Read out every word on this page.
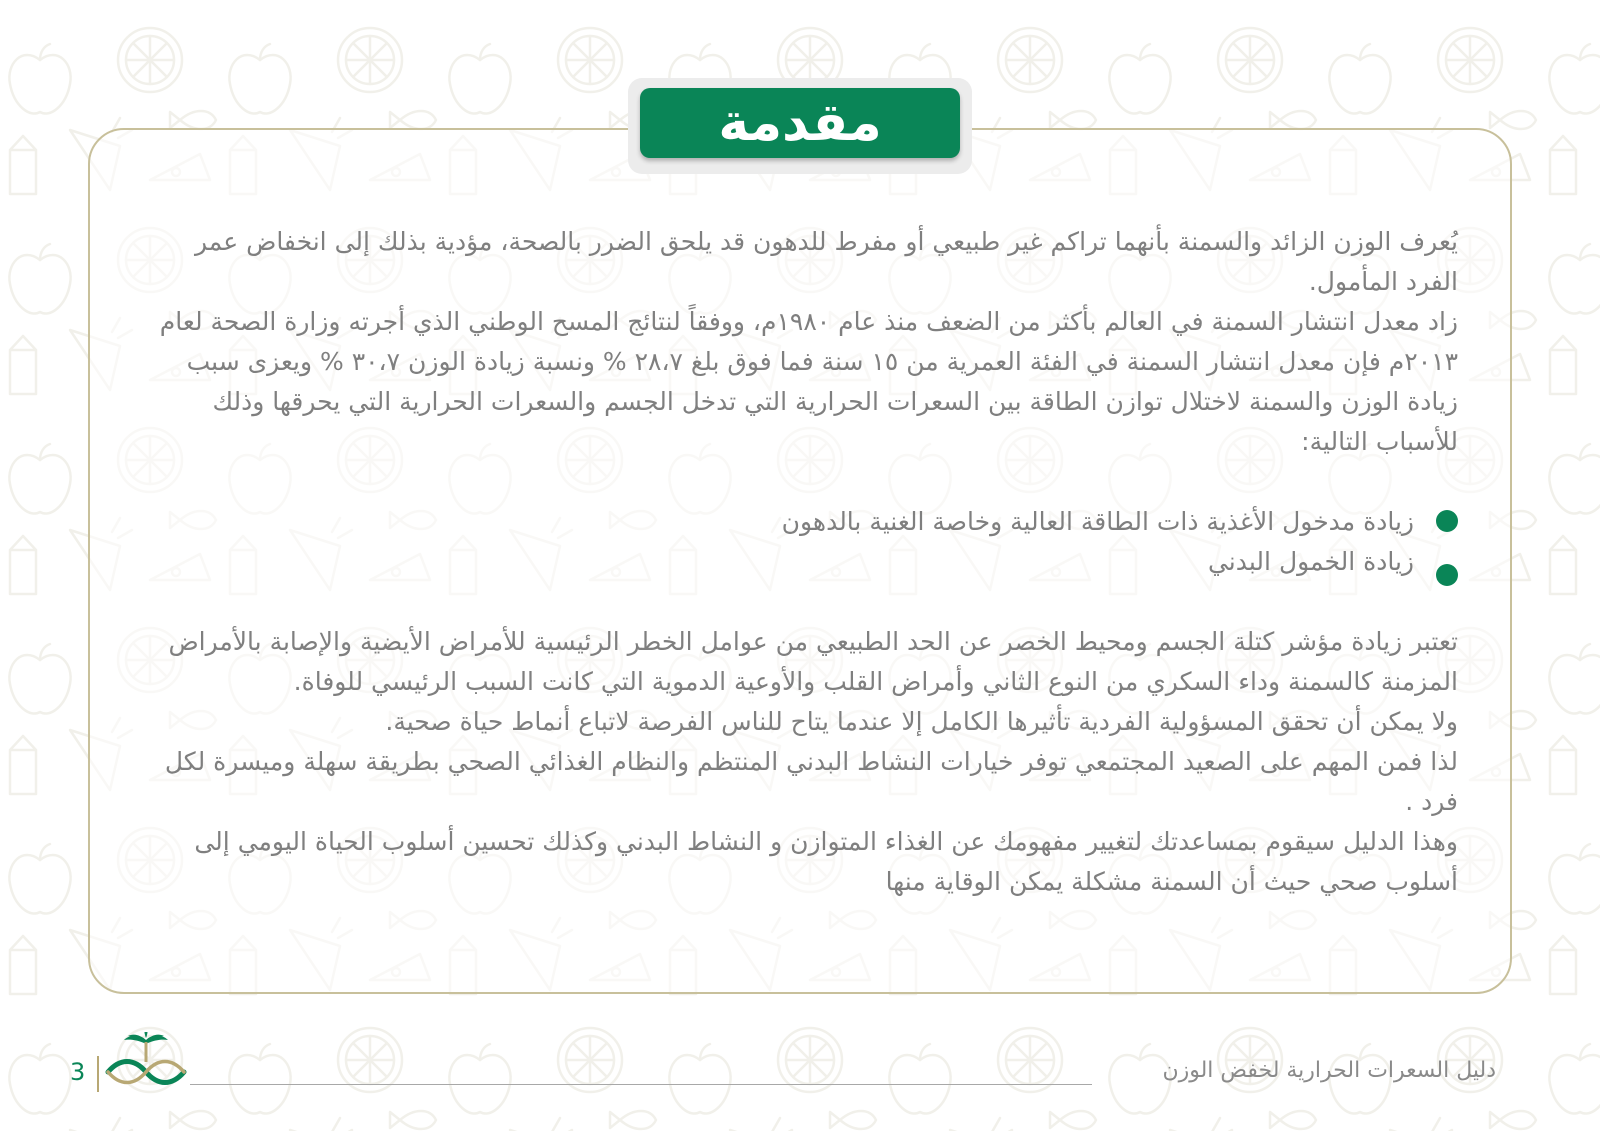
مقدمة

يُعرف الوزن الزائد والسمنة بأنهما تراكم غير طبيعي أو مفرط للدهون قد يلحق الضرر بالصحة، مؤدية بذلك إلى انخفاض عمر الفرد المأمول.

زاد معدل انتشار السمنة في العالم بأكثر من الضعف منذ عام ١٩٨٠م، ووفقاً لنتائج المسح الوطني الذي أجرته وزارة الصحة لعام ٢٠١٣م فإن معدل انتشار السمنة في الفئة العمرية من ١٥ سنة فما فوق بلغ ٢٨،٧ % ونسبة زيادة الوزن ٣٠،٧ % ويعزى سبب زيادة الوزن والسمنة لاختلال توازن الطاقة بين السعرات الحرارية التي تدخل الجسم والسعرات الحرارية التي يحرقها وذلك للأسباب التالية:

زيادة مدخول الأغذية ذات الطاقة العالية وخاصة الغنية بالدهون
زيادة الخمول البدني

تعتبر زيادة مؤشر كتلة الجسم ومحيط الخصر عن الحد الطبيعي من عوامل الخطر الرئيسية للأمراض الأيضية والإصابة بالأمراض المزمنة كالسمنة وداء السكري من النوع الثاني وأمراض القلب والأوعية الدموية التي كانت السبب الرئيسي للوفاة.

ولا يمكن أن تحقق المسؤولية الفردية تأثيرها الكامل إلا عندما يتاح للناس الفرصة لاتباع أنماط حياة صحية.

لذا فمن المهم على الصعيد المجتمعي توفر خيارات النشاط البدني المنتظم والنظام الغذائي الصحي بطريقة سهلة وميسرة لكل فرد .

وهذا الدليل سيقوم بمساعدتك لتغيير مفهومك عن الغذاء المتوازن و النشاط البدني وكذلك تحسين أسلوب الحياة اليومي إلى أسلوب صحي حيث أن السمنة مشكلة يمكن الوقاية منها

دليل السعرات الحرارية لخفض الوزن
3
